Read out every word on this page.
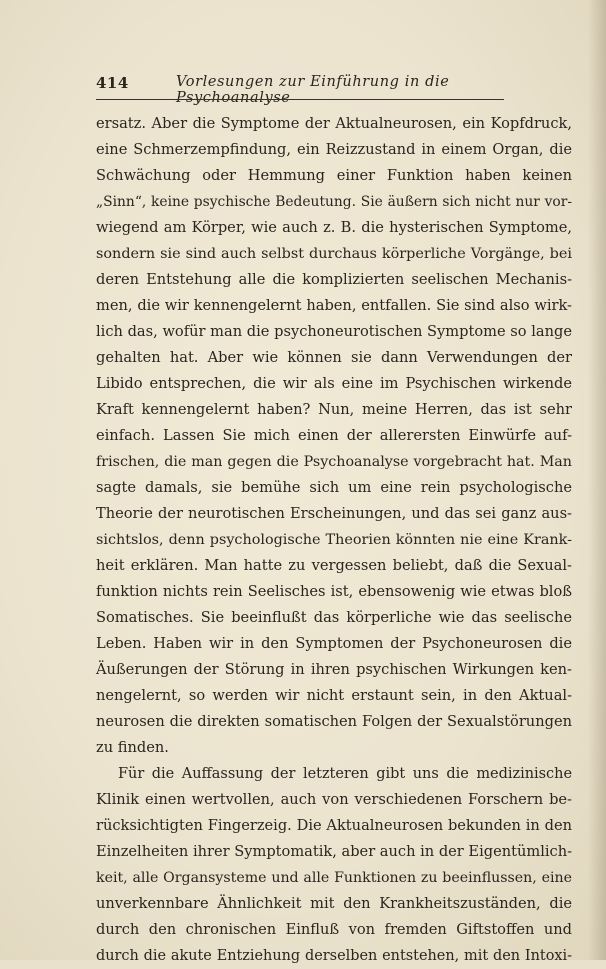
414	Vorlesungen zur Einführung in die Psychoanalyse
ersatz. Aber die Symptome der Aktualneurosen, ein Kopfdruck,
eine Schmerzempfindung, ein Reizzustand in einem Organ, die
Schwächung oder Hemmung einer Funktion haben keinen
„Sinn“, keine psychische Bedeutung. Sie äußern sich nicht nur vor-
wiegend am Körper, wie auch z. B. die hysterischen Symptome,
sondern sie sind auch selbst durchaus körperliche Vorgänge, bei
deren Entstehung alle die komplizierten seelischen Mechanis-
men, die wir kennengelernt haben, entfallen. Sie sind also wirk-
lich das, wofür man die psychoneurotischen Symptome so lange
gehalten hat. Aber wie können sie dann Verwendungen der
Libido entsprechen, die wir als eine im Psychischen wirkende
Kraft kennengelernt haben? Nun, meine Herren, das ist sehr
einfach. Lassen Sie mich einen der allerersten Einwürfe auf-
frischen, die man gegen die Psychoanalyse vorgebracht hat. Man
sagte damals, sie bemühe sich um eine rein psychologische
Theorie der neurotischen Erscheinungen, und das sei ganz aus-
sichtslos, denn psychologische Theorien könnten nie eine Krank-
heit erklären. Man hatte zu vergessen beliebt, daß die Sexual-
funktion nichts rein Seelisches ist, ebensowenig wie etwas bloß
Somatisches. Sie beeinflußt das körperliche wie das seelische
Leben. Haben wir in den Symptomen der Psychoneurosen die
Äußerungen der Störung in ihren psychischen Wirkungen ken-
nengelernt, so werden wir nicht erstaunt sein, in den Aktual-
neurosen die direkten somatischen Folgen der Sexualstörungen
zu finden.
Für die Auffassung der letzteren gibt uns die medizinische
Klinik einen wertvollen, auch von verschiedenen Forschern be-
rücksichtigten Fingerzeig. Die Aktualneurosen bekunden in den
Einzelheiten ihrer Symptomatik, aber auch in der Eigentümlich-
keit, alle Organsysteme und alle Funktionen zu beeinflussen, eine
unverkennbare Ähnlichkeit mit den Krankheitszuständen, die
durch den chronischen Einfluß von fremden Giftstoffen und
durch die akute Entziehung derselben entstehen, mit den Intoxi-
